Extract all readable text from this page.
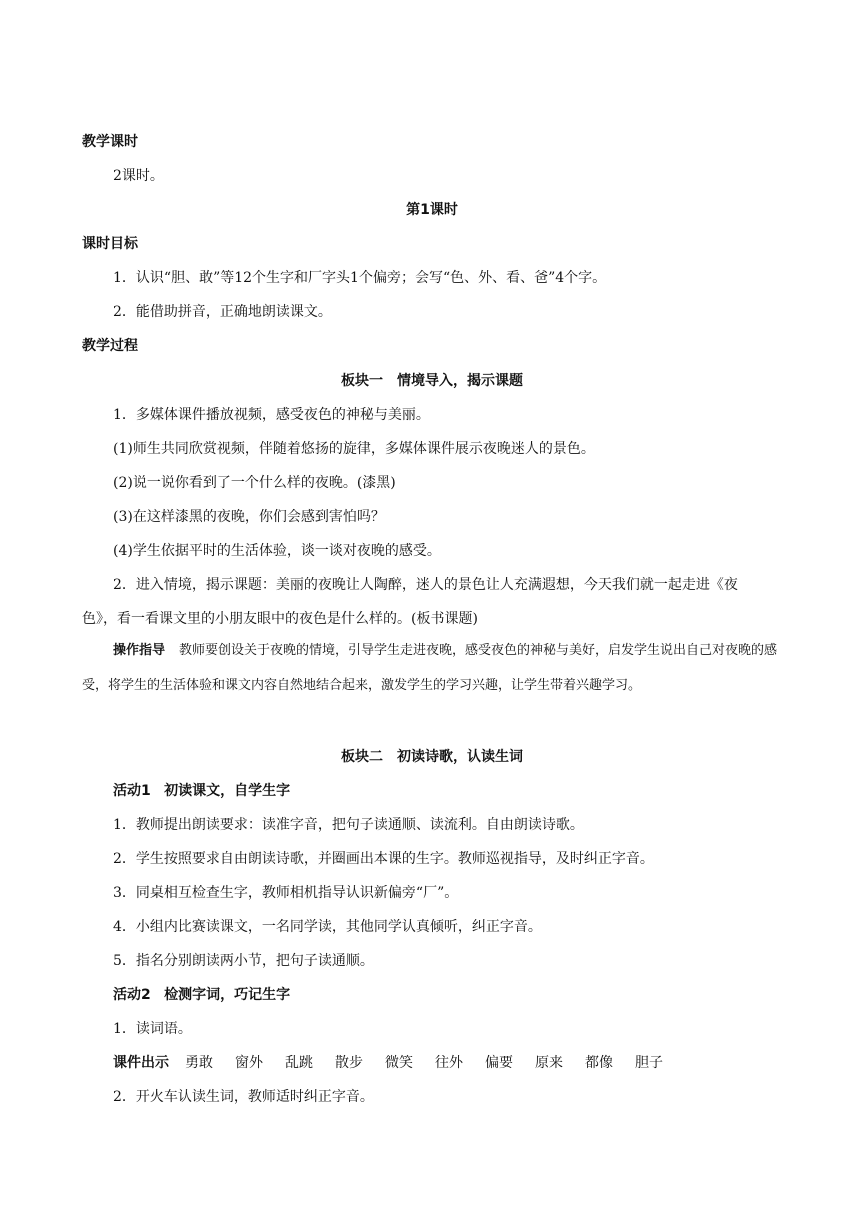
教学课时
2课时。
第1课时
课时目标
1．认识“胆、敢”等12个生字和厂字头1个偏旁；会写“色、外、看、爸”4个字。
2．能借助拼音，正确地朗读课文。
教学过程
板块一　情境导入，揭示课题
1．多媒体课件播放视频，感受夜色的神秘与美丽。
(1)师生共同欣赏视频，伴随着悠扬的旋律，多媒体课件展示夜晚迷人的景色。
(2)说一说你看到了一个什么样的夜晚。(漆黑)
(3)在这样漆黑的夜晚，你们会感到害怕吗？
(4)学生依据平时的生活体验，谈一谈对夜晚的感受。
2．进入情境，揭示课题：美丽的夜晚让人陶醉，迷人的景色让人充满遐想，今天我们就一起走进《夜
色》，看一看课文里的小朋友眼中的夜色是什么样的。(板书课题)
操作指导 教师要创设关于夜晚的情境，引导学生走进夜晚，感受夜色的神秘与美好，启发学生说出自己对夜晚的感受，将学生的生活体验和课文内容自然地结合起来，激发学生的学习兴趣，让学生带着兴趣学习。
板块二　初读诗歌，认读生词
活动1 初读课文，自学生字
1．教师提出朗读要求：读准字音，把句子读通顺、读流利。自由朗读诗歌。
2．学生按照要求自由朗读诗歌，并圈画出本课的生字。教师巡视指导，及时纠正字音。
3．同桌相互检查生字，教师相机指导认识新偏旁“厂”。
4．小组内比赛读课文，一名同学读，其他同学认真倾听，纠正字音。
5．指名分别朗读两小节，把句子读通顺。
活动2 检测字词，巧记生字
1．读词语。
课件出示 勇敢 窗外 乱跳 散步 微笑 往外 偏要 原来 都像 胆子
2．开火车认读生词，教师适时纠正字音。
